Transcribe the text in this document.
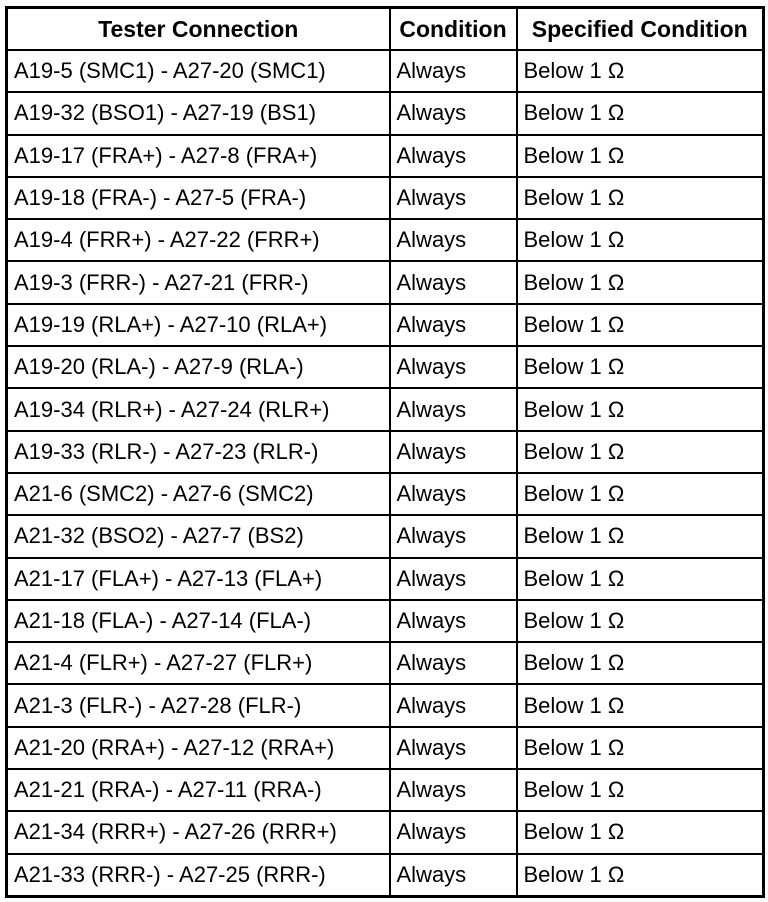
Tester Connection	Condition	Specified Condition
A19-5 (SMC1) - A27-20 (SMC1)	Always	Below 1 Ω
A19-32 (BSO1) - A27-19 (BS1)	Always	Below 1 Ω
A19-17 (FRA+) - A27-8 (FRA+)	Always	Below 1 Ω
A19-18 (FRA-) - A27-5 (FRA-)	Always	Below 1 Ω
A19-4 (FRR+) - A27-22 (FRR+)	Always	Below 1 Ω
A19-3 (FRR-) - A27-21 (FRR-)	Always	Below 1 Ω
A19-19 (RLA+) - A27-10 (RLA+)	Always	Below 1 Ω
A19-20 (RLA-) - A27-9 (RLA-)	Always	Below 1 Ω
A19-34 (RLR+) - A27-24 (RLR+)	Always	Below 1 Ω
A19-33 (RLR-) - A27-23 (RLR-)	Always	Below 1 Ω
A21-6 (SMC2) - A27-6 (SMC2)	Always	Below 1 Ω
A21-32 (BSO2) - A27-7 (BS2)	Always	Below 1 Ω
A21-17 (FLA+) - A27-13 (FLA+)	Always	Below 1 Ω
A21-18 (FLA-) - A27-14 (FLA-)	Always	Below 1 Ω
A21-4 (FLR+) - A27-27 (FLR+)	Always	Below 1 Ω
A21-3 (FLR-) - A27-28 (FLR-)	Always	Below 1 Ω
A21-20 (RRA+) - A27-12 (RRA+)	Always	Below 1 Ω
A21-21 (RRA-) - A27-11 (RRA-)	Always	Below 1 Ω
A21-34 (RRR+) - A27-26 (RRR+)	Always	Below 1 Ω
A21-33 (RRR-) - A27-25 (RRR-)	Always	Below 1 Ω
